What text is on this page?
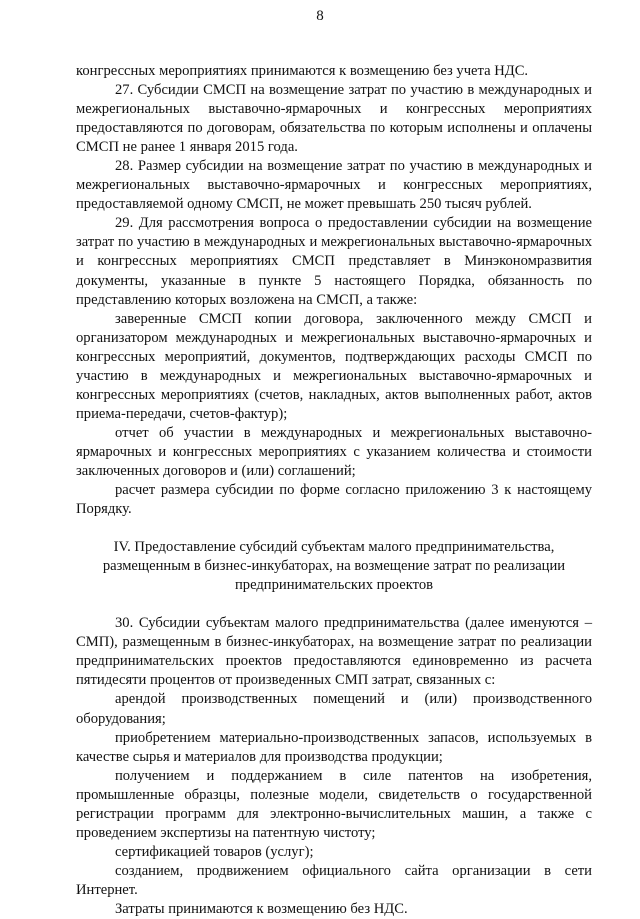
8

конгрессных мероприятиях принимаются к возмещению без учета НДС.

27. Субсидии СМСП на возмещение затрат по участию в международных и межрегиональных выставочно-ярмарочных и конгрессных мероприятиях предоставляются по договорам, обязательства по которым исполнены и оплачены СМСП не ранее 1 января 2015 года.

28. Размер субсидии на возмещение затрат по участию в международных и межрегиональных выставочно-ярмарочных и конгрессных мероприятиях, предоставляемой одному СМСП, не может превышать 250 тысяч рублей.

29. Для рассмотрения вопроса о предоставлении субсидии на возмещение затрат по участию в международных и межрегиональных выставочно-ярмарочных и конгрессных мероприятиях СМСП представляет в Минэкономразвития документы, указанные в пункте 5 настоящего Порядка, обязанность по представлению которых возложена на СМСП, а также:

заверенные СМСП копии договора, заключенного между СМСП и организатором международных и межрегиональных выставочно-ярмарочных и конгрессных мероприятий, документов, подтверждающих расходы СМСП по участию в международных и межрегиональных выставочно-ярмарочных и конгрессных мероприятиях (счетов, накладных, актов выполненных работ, актов приема-передачи, счетов-фактур);

отчет об участии в международных и межрегиональных выставочно-ярмарочных и конгрессных мероприятиях с указанием количества и стоимости заключенных договоров и (или) соглашений;

расчет размера субсидии по форме согласно приложению 3 к настоящему Порядку.

IV. Предоставление субсидий субъектам малого предпринимательства,
размещенным в бизнес-инкубаторах, на возмещение затрат по реализации
предпринимательских проектов

30. Субсидии субъектам малого предпринимательства (далее именуются – СМП), размещенным в бизнес-инкубаторах, на возмещение затрат по реализации предпринимательских проектов предоставляются единовременно из расчета пятидесяти процентов от произведенных СМП затрат, связанных с:

арендой производственных помещений и (или) производственного оборудования;

приобретением материально-производственных запасов, используемых в качестве сырья и материалов для производства продукции;

получением и поддержанием в силе патентов на изобретения, промышленные образцы, полезные модели, свидетельств о государственной регистрации программ для электронно-вычислительных машин, а также с проведением экспертизы на патентную чистоту;

сертификацией товаров (услуг);

созданием, продвижением официального сайта организации в сети Интернет.

Затраты принимаются к возмещению без НДС.
